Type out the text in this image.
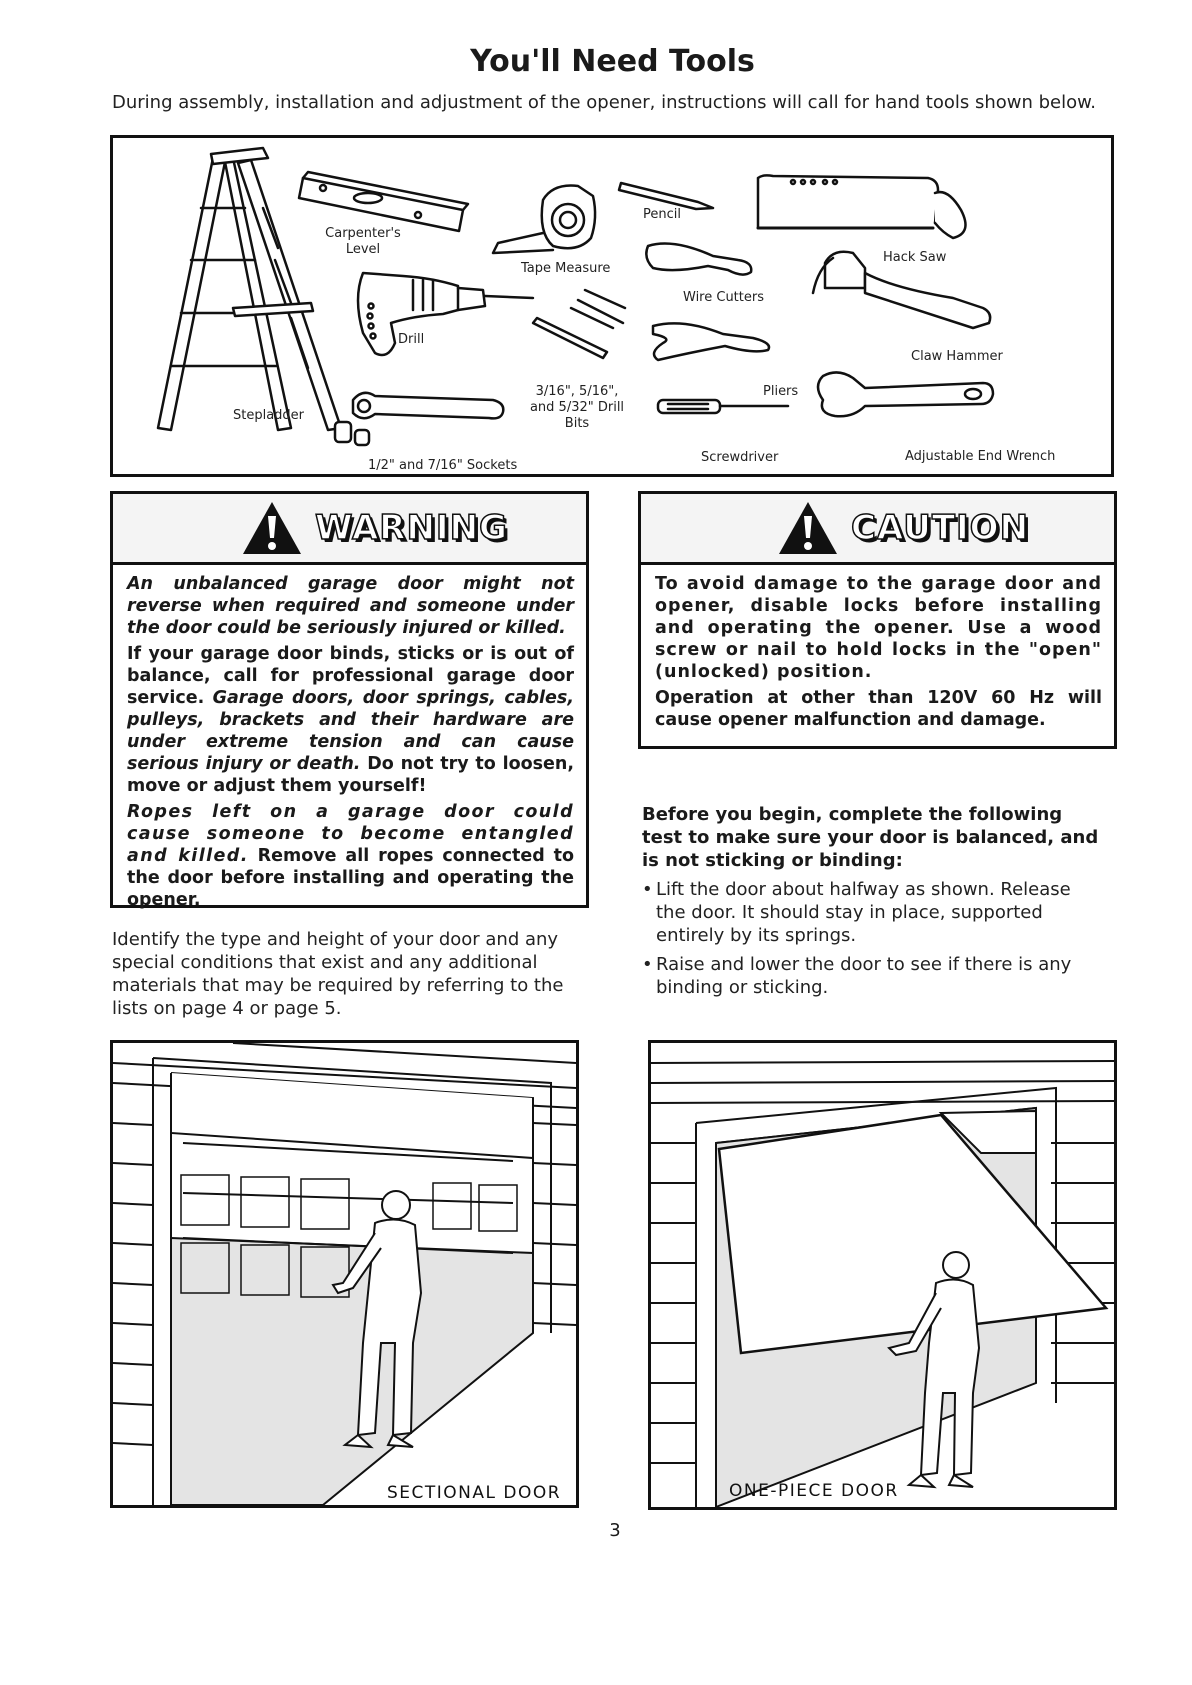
You'll Need Tools
During assembly, installation and adjustment of the opener, instructions will call for hand tools shown below.
Stepladder
Carpenter's Level
Drill
1/2" and 7/16" Sockets
Tape Measure
3/16", 5/16", and 5/32" Drill Bits
Pencil
Wire Cutters
Pliers
Screwdriver
Hack Saw
Claw Hammer
Adjustable End Wrench
WARNING

An unbalanced garage door might not reverse when required and someone under the door could be seriously injured or killed.

If your garage door binds, sticks or is out of balance, call for professional garage door service. Garage doors, door springs, cables, pulleys, brackets and their hardware are under extreme tension and can cause serious injury or death. Do not try to loosen, move or adjust them yourself!

Ropes left on a garage door could cause someone to become entangled and killed. Remove all ropes connected to the door before installing and operating the opener.

CAUTION

To avoid damage to the garage door and opener, disable locks before installing and operating the opener. Use a wood screw or nail to hold locks in the "open" (unlocked) position.

Operation at other than 120V 60 Hz will cause opener malfunction and damage.

Identify the type and height of your door and any special conditions that exist and any additional materials that may be required by referring to the lists on page 4 or page 5.
Before you begin, complete the following test to make sure your door is balanced, and is not sticking or binding:
• Lift the door about halfway as shown. Release the door. It should stay in place, supported entirely by its springs.
• Raise and lower the door to see if there is any binding or sticking.
SECTIONAL DOOR	ONE-PIECE DOOR
3
